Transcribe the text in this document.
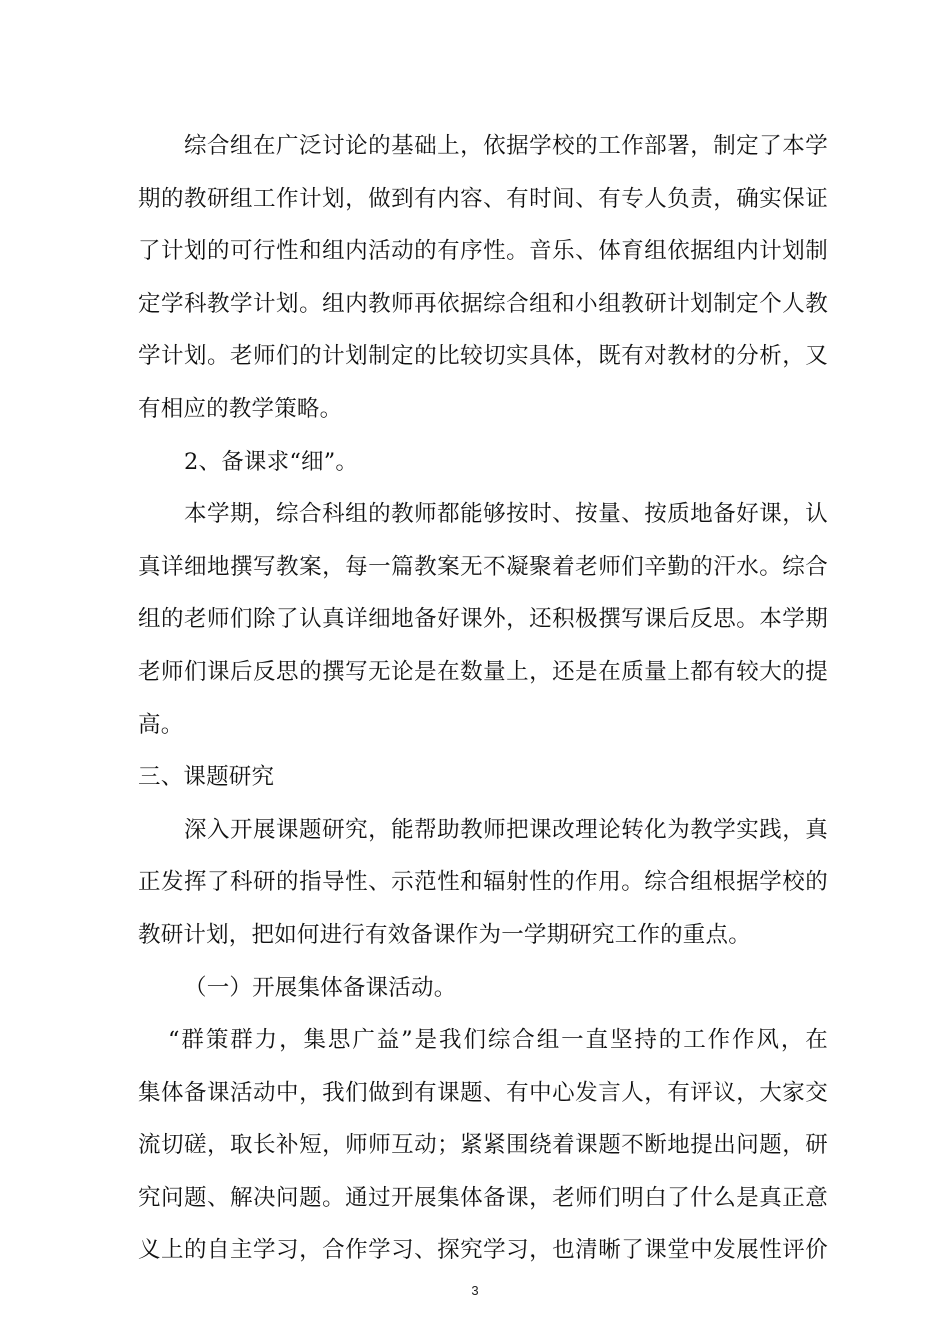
综合组在广泛讨论的基础上，依据学校的工作部署，制定了本学
期的教研组工作计划，做到有内容、有时间、有专人负责，确实保证
了计划的可行性和组内活动的有序性。音乐、体育组依据组内计划制
定学科教学计划。组内教师再依据综合组和小组教研计划制定个人教
学计划。老师们的计划制定的比较切实具体，既有对教材的分析，又
有相应的教学策略。
2、备课求“细”。
本学期，综合科组的教师都能够按时、按量、按质地备好课，认
真详细地撰写教案，每一篇教案无不凝聚着老师们辛勤的汗水。综合
组的老师们除了认真详细地备好课外，还积极撰写课后反思。本学期
老师们课后反思的撰写无论是在数量上，还是在质量上都有较大的提
高。
三、课题研究
深入开展课题研究，能帮助教师把课改理论转化为教学实践，真
正发挥了科研的指导性、示范性和辐射性的作用。综合组根据学校的
教研计划，把如何进行有效备课作为一学期研究工作的重点。
（一）开展集体备课活动。
“群策群力，集思广益”是我们综合组一直坚持的工作作风，在
集体备课活动中，我们做到有课题、有中心发言人，有评议，大家交
流切磋，取长补短，师师互动；紧紧围绕着课题不断地提出问题，研
究问题、解决问题。通过开展集体备课，老师们明白了什么是真正意
义上的自主学习，合作学习、探究学习，也清晰了课堂中发展性评价
3
